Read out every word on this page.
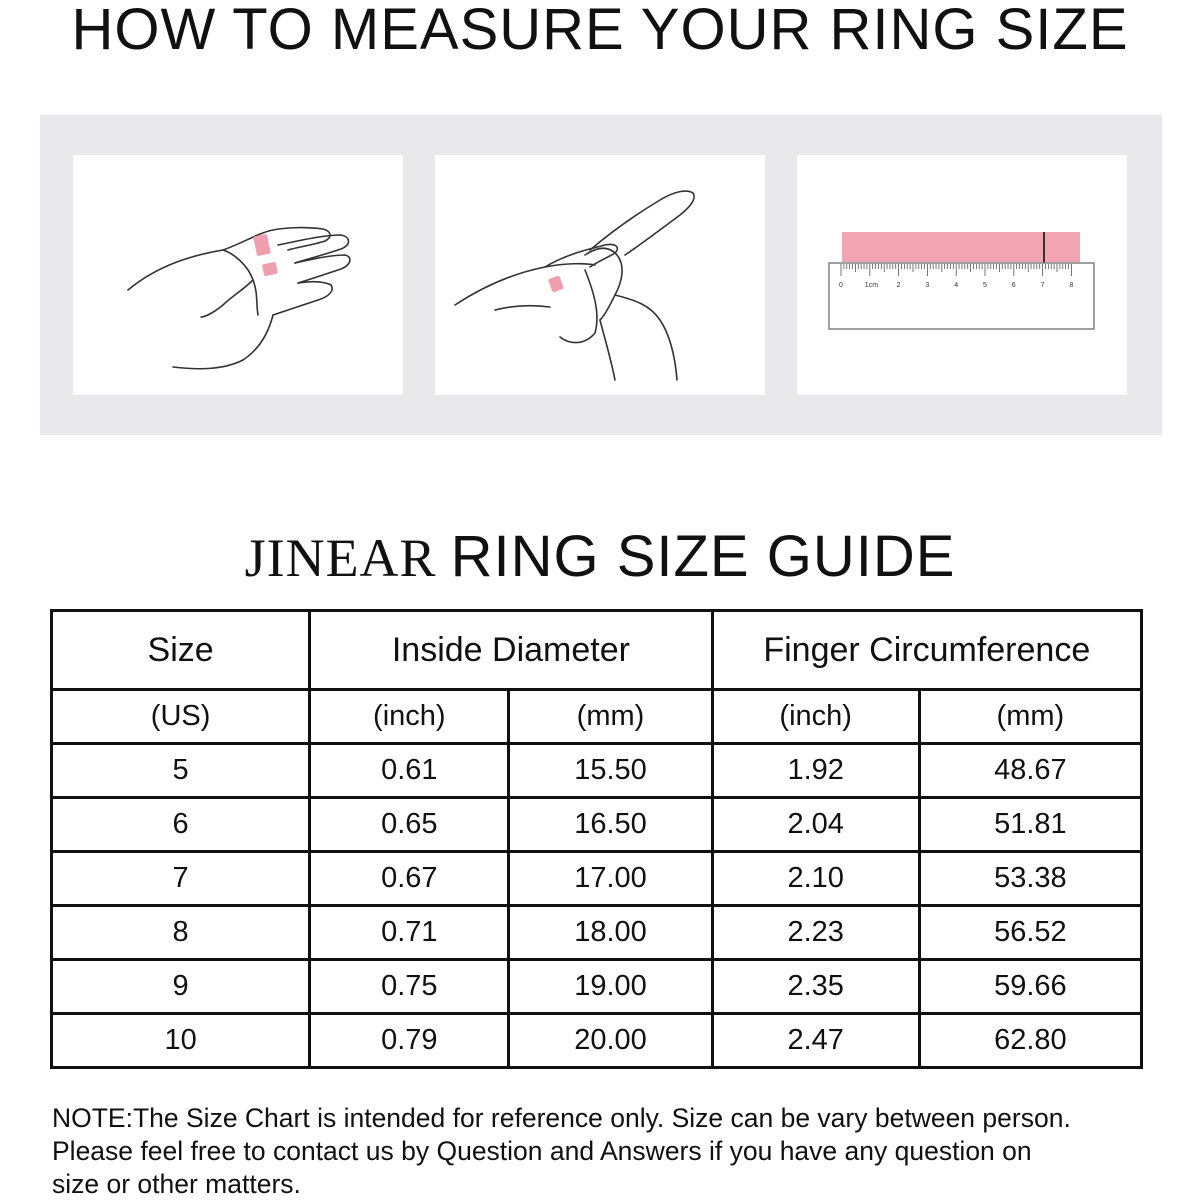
HOW TO MEASURE YOUR RING SIZE
0	1cm	2	3	4	5	6	7	8
JINEAR RING SIZE GUIDE
Size	Inside Diameter		Finger Circumference	
(US)	(inch)	(mm)	(inch)	(mm)
5	0.61	15.50	1.92	48.67
6	0.65	16.50	2.04	51.81
7	0.67	17.00	2.10	53.38
8	0.71	18.00	2.23	56.52
9	0.75	19.00	2.35	59.66
10	0.79	20.00	2.47	62.80
NOTE:The Size Chart is intended for reference only. Size can be vary between person.
Please feel free to contact us by Question and Answers if you have any question on
size or other matters.
